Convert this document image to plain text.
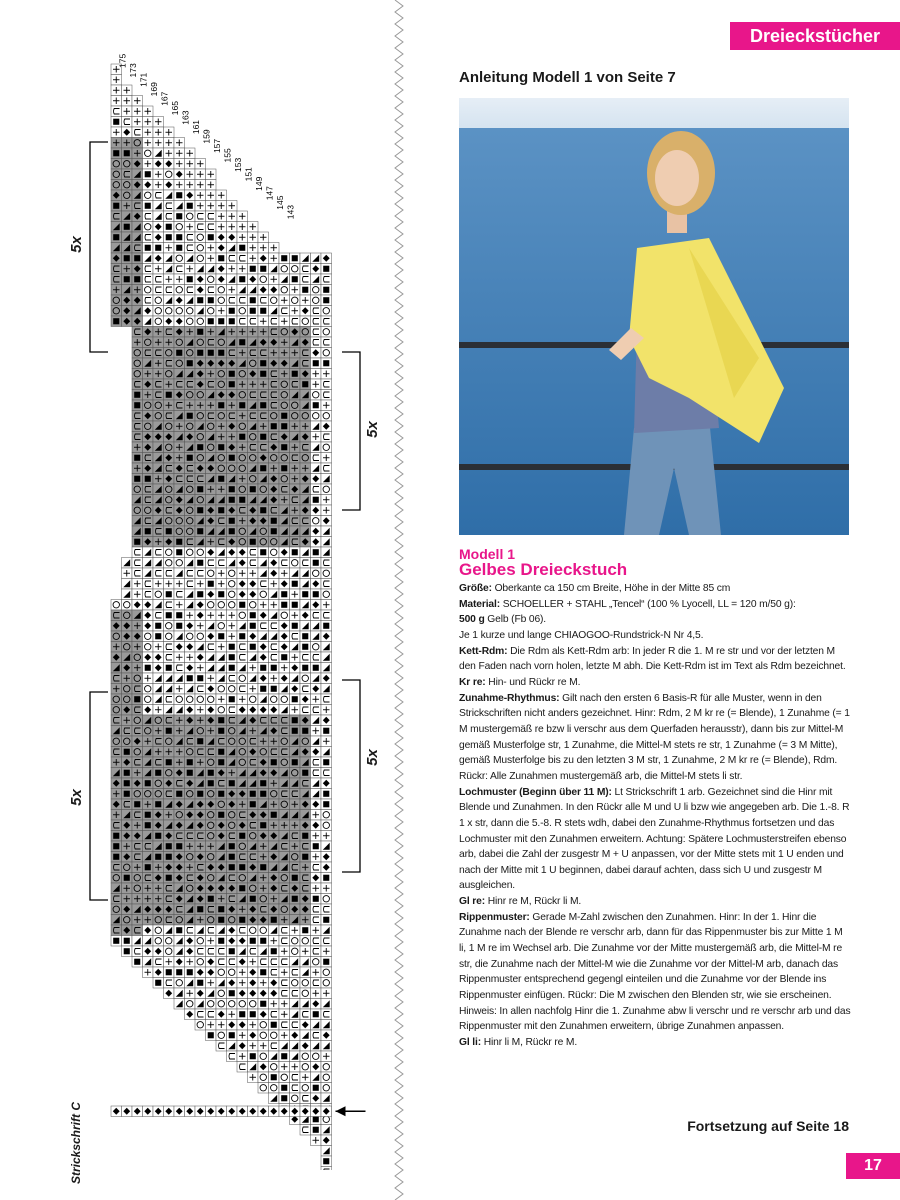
175
173
171
169
167
165
163
161
159
157
155
153
151
149
147
145
143
5x
5x
5x
5x
Strickschrift C
Dreieckstücher
Anleitung Modell 1 von Seite 7
Modell 1
Gelbes Dreieckstuch

Größe: Oberkante ca 150 cm Breite, Höhe in der Mitte 85 cm

Material: SCHOELLER + STAHL „Tencel“ (100 % Lyocell, LL = 120 m/50 g):

500 g Gelb (Fb 06).

Je 1 kurze und lange CHIAOGOO-Rundstrick-N Nr 4,5.

Kett-Rdm: Die Rdm als Kett-Rdm arb: In jeder R die 1. M re str und vor der letzten M den Faden nach vorn holen, letzte M abh. Die Kett-Rdm ist im Text als Rdm bezeichnet.

Kr re: Hin- und Rückr re M.

Zunahme-Rhythmus: Gilt nach den ersten 6 Basis-R für alle Muster, wenn in den Strickschriften nicht anders gezeichnet. Hinr: Rdm, 2 M kr re (= Blende), 1 Zunahme (= 1 M mustergemäß re bzw li verschr aus dem Querfaden herausstr), dann bis zur Mittel-M gemäß Musterfolge str, 1 Zunahme, die Mittel-M stets re str, 1 Zunahme (= 3 M Mitte), gemäß Musterfolge bis zu den letzten 3 M str, 1 Zunahme, 2 M kr re (= Blende), Rdm. Rückr: Alle Zunahmen mustergemäß arb, die Mittel-M stets li str.

Lochmuster (Beginn über 11 M): Lt Strickschrift 1 arb. Gezeichnet sind die Hinr mit Blende und Zunahmen. In den Rückr alle M und U li bzw wie angegeben arb. Die 1.-8. R 1 x str, dann die 5.-8. R stets wdh, dabei den Zunahme-Rhythmus fortsetzen und das Lochmuster mit den Zunahmen erweitern. Achtung: Spätere Lochmusterstreifen ebenso arb, dabei die Zahl der zusgestr M + U anpassen, vor der Mitte stets mit 1 U enden und nach der Mitte mit 1 U beginnen, dabei darauf achten, dass sich U und zusgestr M ausgleichen.

Gl re: Hinr re M, Rückr li M.

Rippenmuster: Gerade M-Zahl zwischen den Zunahmen. Hinr: In der 1. Hinr die Zunahme nach der Blende re verschr arb, dann für das Rippenmuster bis zur Mitte 1 M li, 1 M re im Wechsel arb. Die Zunahme vor der Mitte mustergemäß arb, die Mittel-M re str, die Zunahme nach der Mittel-M wie die Zunahme vor der Mittel-M arb, danach das Rippenmuster entsprechend gegengl einteilen und die Zunahme vor der Blende ins Rippenmuster einfügen. Rückr: Die M zwischen den Blenden str, wie sie erscheinen. Hinweis: In allen nachfolg Hinr die 1. Zunahme abw li verschr und re verschr arb und das Rippenmuster mit den Zunahmen erweitern, übrige Zunahmen anpassen.

Gl li: Hinr li M, Rückr re M.

Fortsetzung auf Seite 18
17
